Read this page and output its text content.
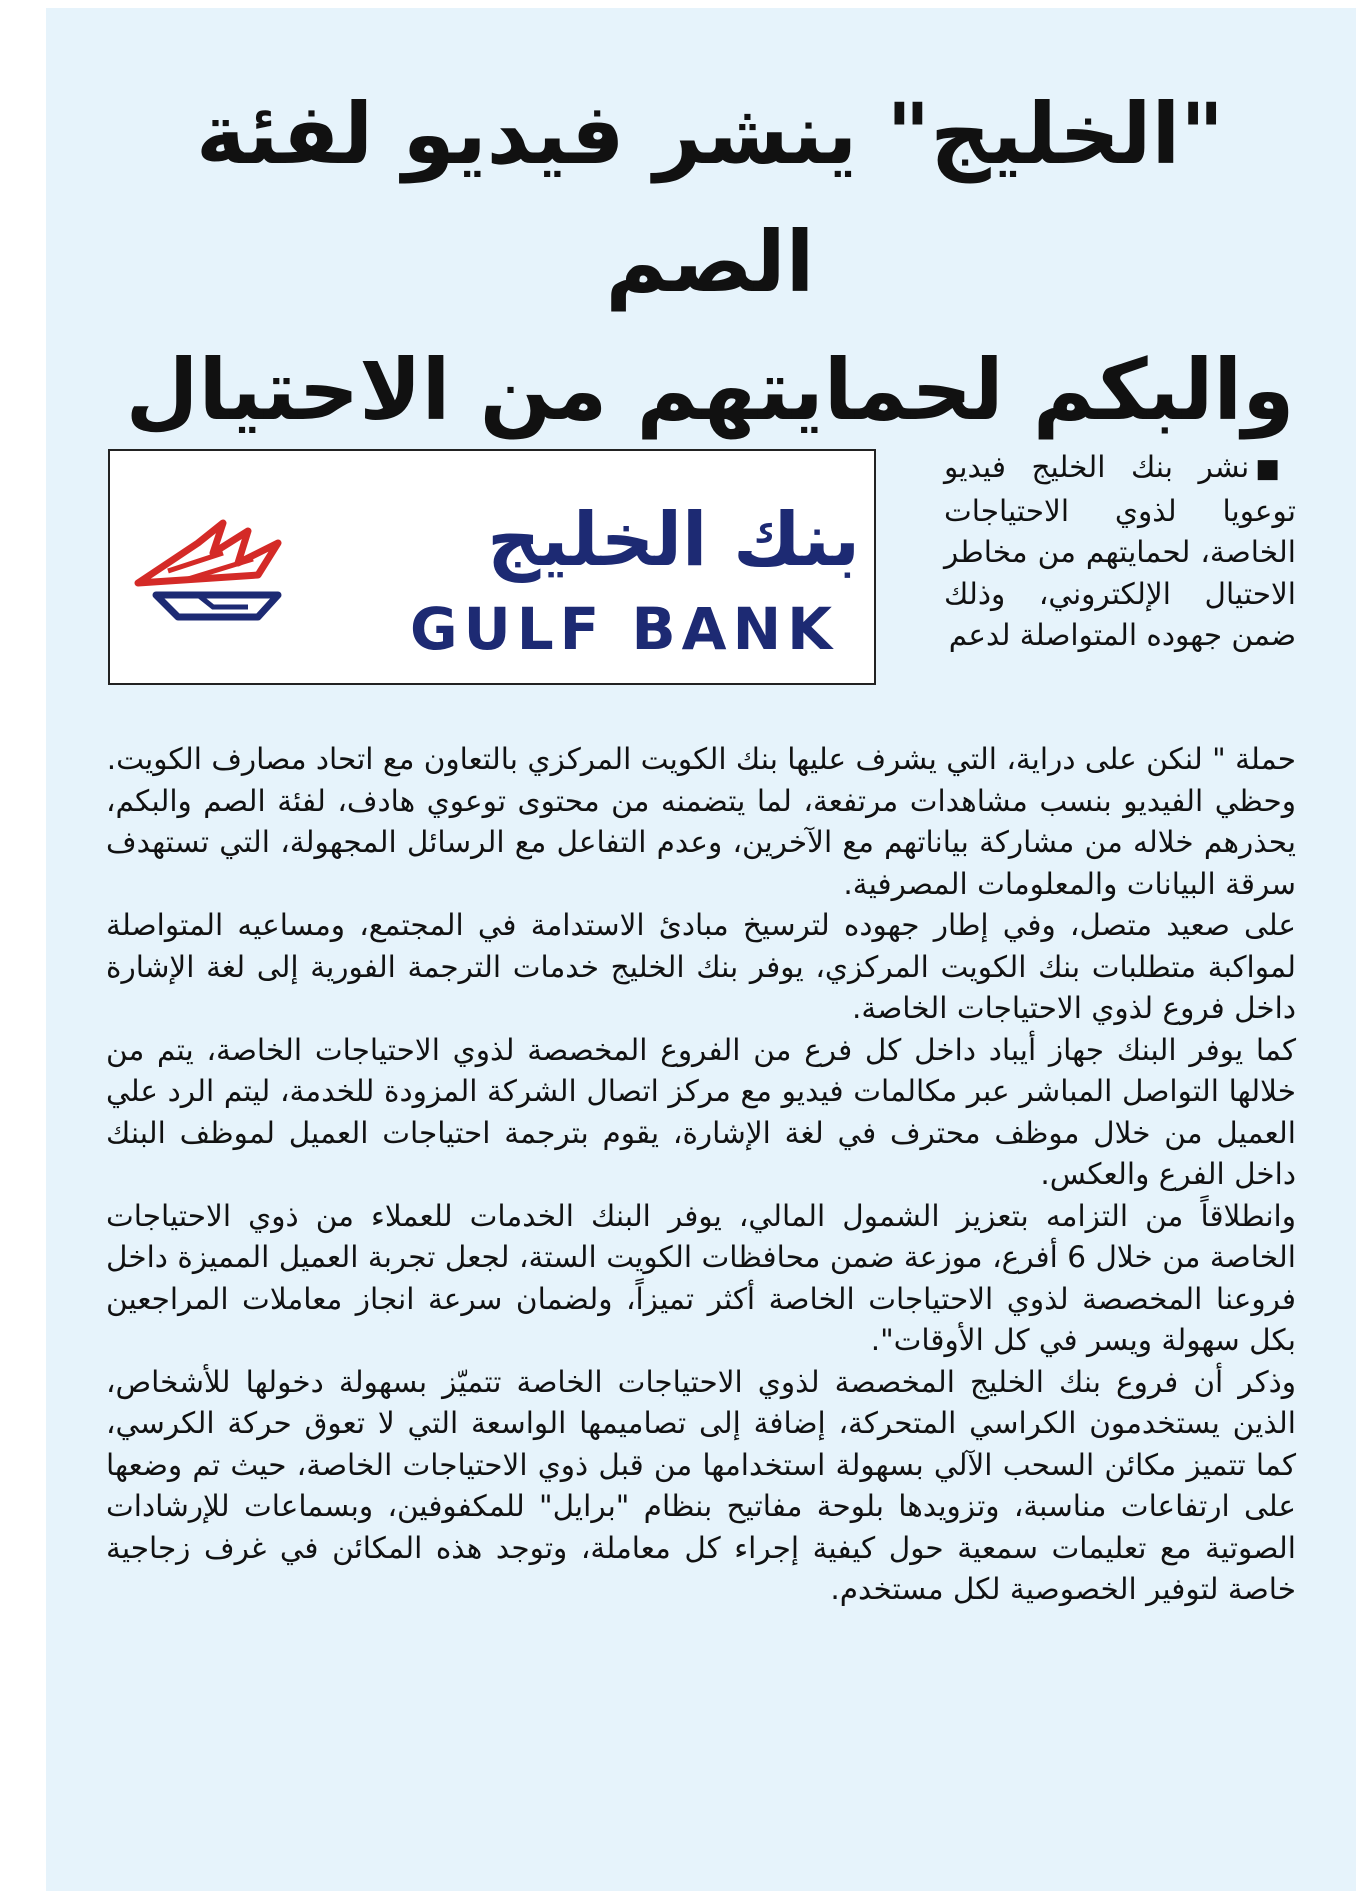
"الخليج" ينشر فيديو لفئة الصم
والبكم لحمايتهم من الاحتيال
بنك الخليج
GULF BANK
■نشر بنك الخليج فيديو توعويا لذوي الاحتياجات الخاصة، لحمايتهم من مخاطر الاحتيال الإلكتروني، وذلك ضمن جهوده المتواصلة لدعم

حملة " لنكن على دراية، التي يشرف عليها بنك الكويت المركزي بالتعاون مع اتحاد مصارف الكويت.

وحظي الفيديو بنسب مشاهدات مرتفعة، لما يتضمنه من محتوى توعوي هادف، لفئة الصم والبكم، يحذرهم خلاله من مشاركة بياناتهم مع الآخرين، وعدم التفاعل مع الرسائل المجهولة، التي تستهدف سرقة البيانات والمعلومات المصرفية.

على صعيد متصل، وفي إطار جهوده لترسيخ مبادئ الاستدامة في المجتمع، ومساعيه المتواصلة لمواكبة متطلبات بنك الكويت المركزي، يوفر بنك الخليج خدمات الترجمة الفورية إلى لغة الإشارة داخل فروع لذوي الاحتياجات الخاصة.

كما يوفر البنك جهاز أيباد داخل كل فرع من الفروع المخصصة لذوي الاحتياجات الخاصة، يتم من خلالها التواصل المباشر عبر مكالمات فيديو مع مركز اتصال الشركة المزودة للخدمة، ليتم الرد علي العميل من خلال موظف محترف في لغة الإشارة، يقوم بترجمة احتياجات العميل لموظف البنك داخل الفرع والعكس.

وانطلاقاً من التزامه بتعزيز الشمول المالي، يوفر البنك الخدمات للعملاء من ذوي الاحتياجات الخاصة من خلال 6 أفرع، موزعة ضمن محافظات الكويت الستة، لجعل تجربة العميل المميزة داخل فروعنا المخصصة لذوي الاحتياجات الخاصة أكثر تميزاً، ولضمان سرعة انجاز معاملات المراجعين بكل سهولة ويسر في كل الأوقات".

وذكر أن فروع بنك الخليج المخصصة لذوي الاحتياجات الخاصة تتميّز بسهولة دخولها للأشخاص، الذين يستخدمون الكراسي المتحركة، إضافة إلى تصاميمها الواسعة التي لا تعوق حركة الكرسي، كما تتميز مكائن السحب الآلي بسهولة استخدامها من قبل ذوي الاحتياجات الخاصة، حيث تم وضعها على ارتفاعات مناسبة، وتزويدها بلوحة مفاتيح بنظام "برايل" للمكفوفين، وبسماعات للإرشادات الصوتية مع تعليمات سمعية حول كيفية إجراء كل معاملة، وتوجد هذه المكائن في غرف زجاجية خاصة لتوفير الخصوصية لكل مستخدم.
